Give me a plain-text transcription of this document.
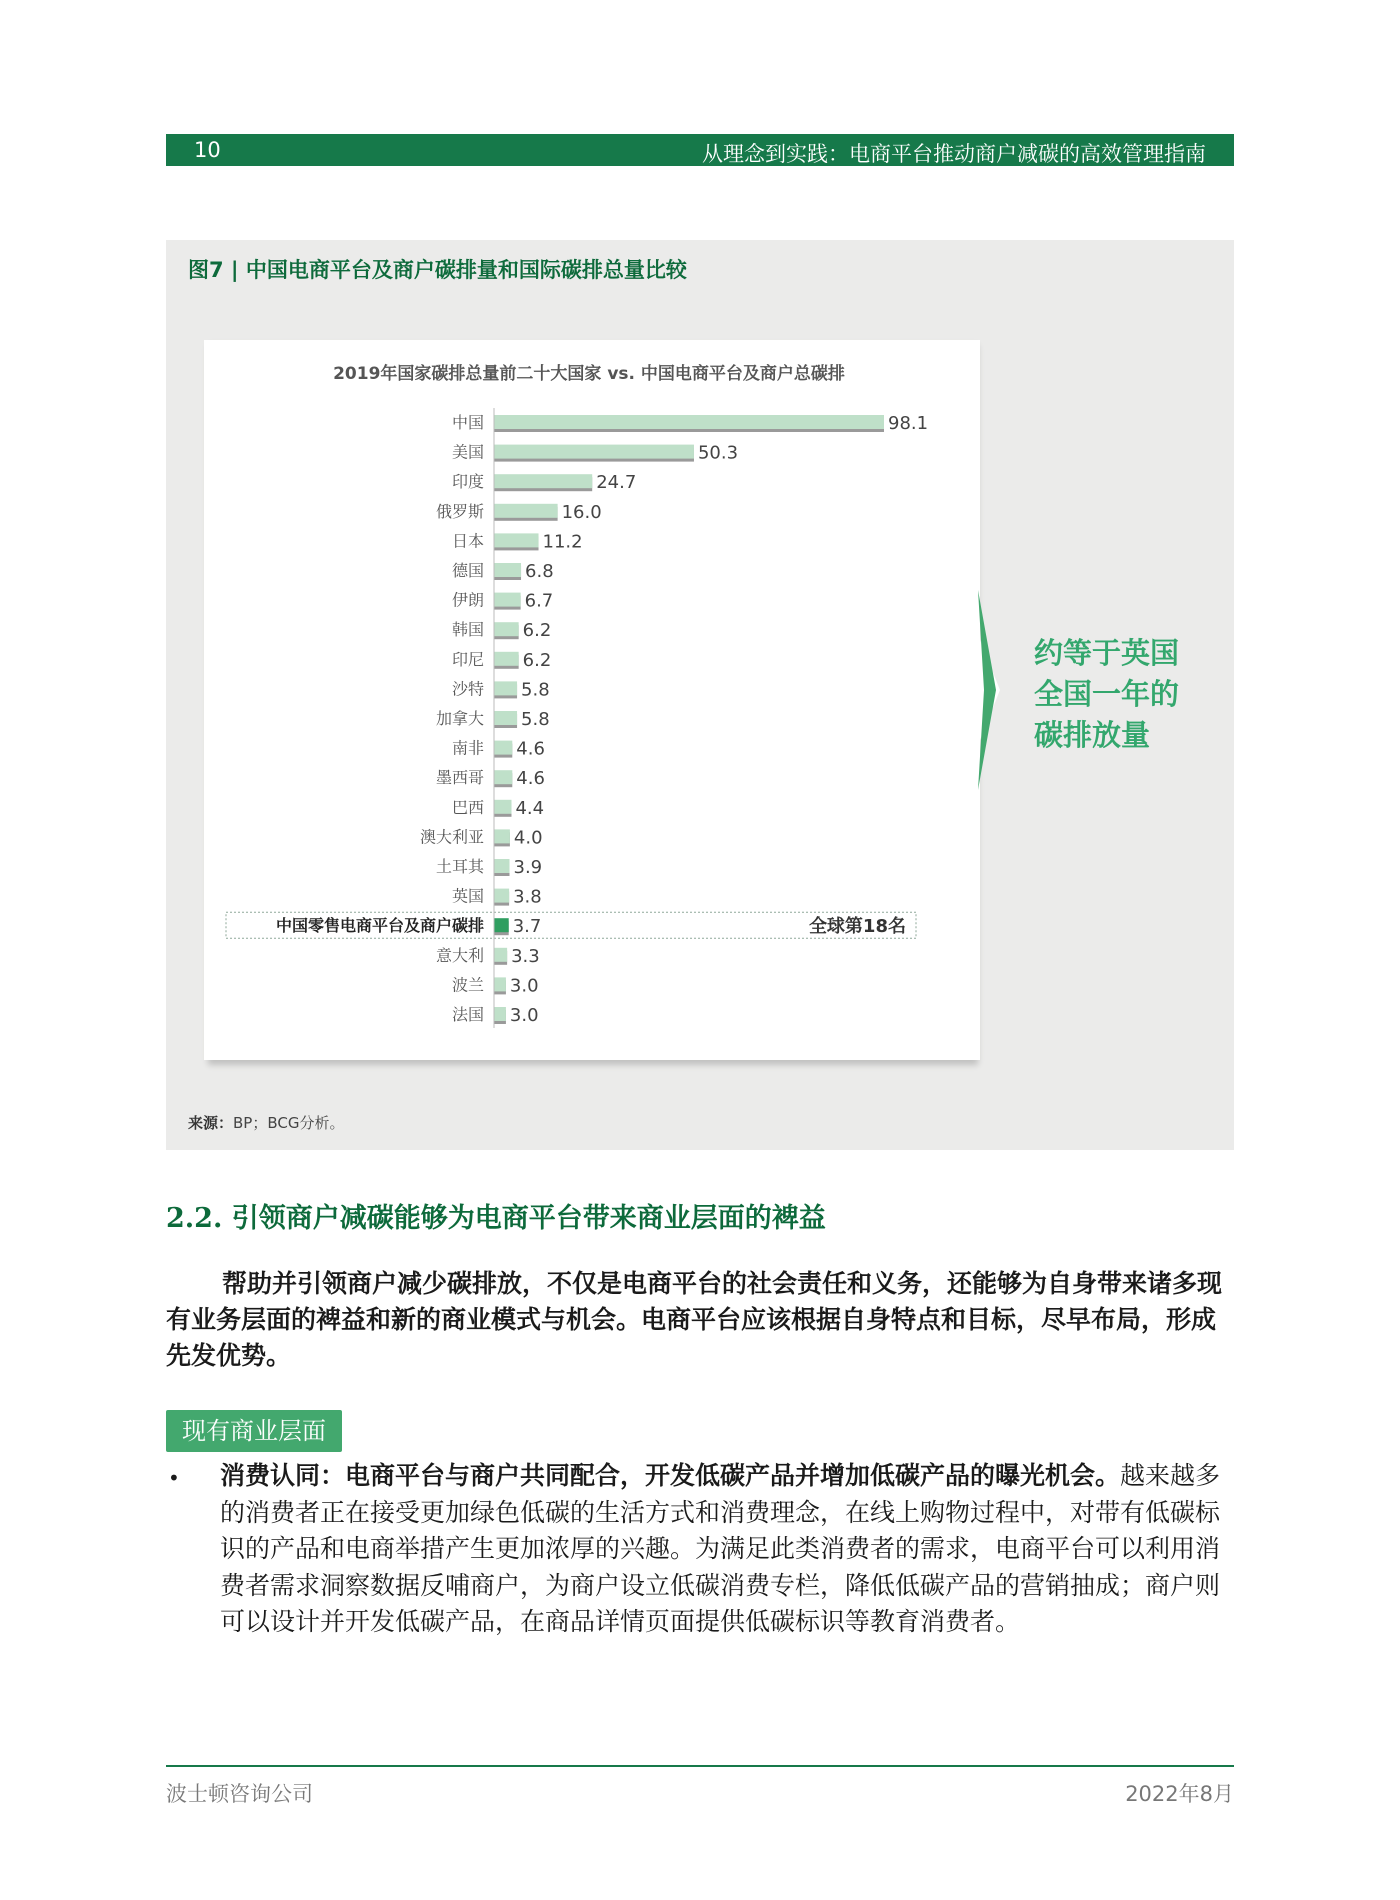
10	从理念到实践：电商平台推动商户减碳的高效管理指南
图7 | 中国电商平台及商户碳排量和国际碳排总量比较
2019年国家碳排总量前二十大国家 vs. 中国电商平台及商户总碳排
中国	98.1
美国	50.3
印度	24.7
俄罗斯	16.0
日本	11.2
德国 6.8
伊朗 6.7
韩国 6.2
印尼 6.2
沙特 5.8
加拿大 5.8
南非 4.6
墨西哥 4.6
巴西 4.4
澳大利亚 4.0
土耳其 3.9
英国 3.8
中国零售电商平台及商户碳排 3.7
意大利 3.3
波兰 3.0
法国 3.0
全球第18名
约等于英国
全国一年的
碳排放量
来源：BP；BCG分析。
2.2. 引领商户减碳能够为电商平台带来商业层面的裨益
帮助并引领商户减少碳排放，不仅是电商平台的社会责任和义务，还能够为自身带来诸多现有业务层面的裨益和新的商业模式与机会。电商平台应该根据自身特点和目标，尽早布局，形成先发优势。
现有商业层面
• 消费认同：电商平台与商户共同配合，开发低碳产品并增加低碳产品的曝光机会。越来越多的消费者正在接受更加绿色低碳的生活方式和消费理念，在线上购物过程中，对带有低碳标识的产品和电商举措产生更加浓厚的兴趣。为满足此类消费者的需求，电商平台可以利用消费者需求洞察数据反哺商户，为商户设立低碳消费专栏，降低低碳产品的营销抽成；商户则可以设计并开发低碳产品，在商品详情页面提供低碳标识等教育消费者。
波士顿咨询公司	2022年8月
